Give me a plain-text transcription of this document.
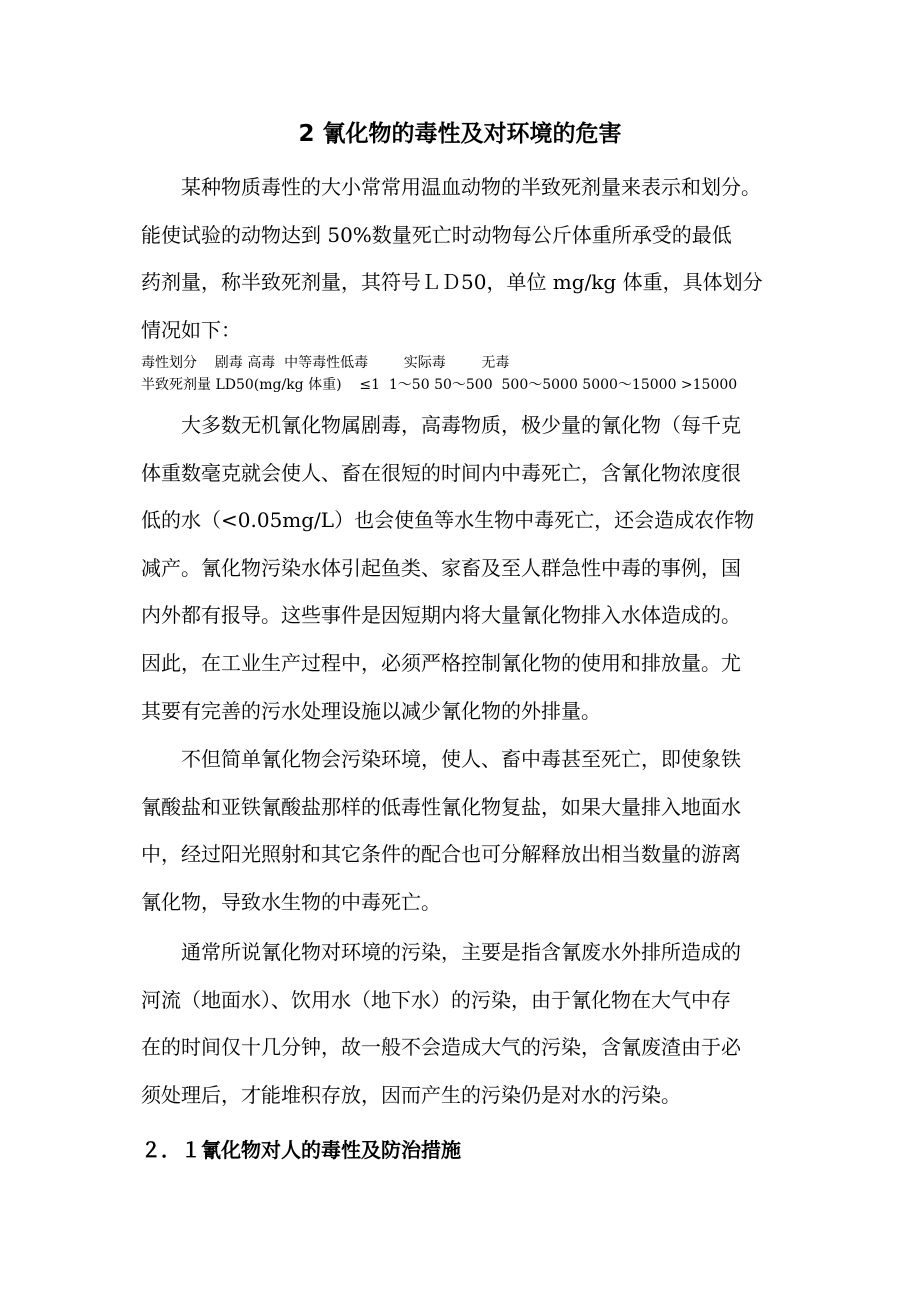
2 氰化物的毒性及对环境的危害

某种物质毒性的大小常常用温血动物的半致死剂量来表示和划分。
能使试验的动物达到 50%数量死亡时动物每公斤体重所承受的最低
药剂量，称半致死剂量，其符号ＬＤ50，单位 mg/kg 体重，具体划分
情况如下：

毒性划分    剧毒 高毒  中等毒性低毒        实际毒        无毒
半致死剂量 LD50(mg/kg 体重)    ≤1  1～50 50～500  500～5000 5000～15000 >15000

大多数无机氰化物属剧毒，高毒物质，极少量的氰化物（每千克
体重数毫克就会使人、畜在很短的时间内中毒死亡，含氰化物浓度很
低的水（<0.05mg/L）也会使鱼等水生物中毒死亡，还会造成农作物
减产。氰化物污染水体引起鱼类、家畜及至人群急性中毒的事例，国
内外都有报导。这些事件是因短期内将大量氰化物排入水体造成的。
因此，在工业生产过程中，必须严格控制氰化物的使用和排放量。尤
其要有完善的污水处理设施以减少氰化物的外排量。

不但简单氰化物会污染环境，使人、畜中毒甚至死亡，即使象铁
氰酸盐和亚铁氰酸盐那样的低毒性氰化物复盐，如果大量排入地面水
中，经过阳光照射和其它条件的配合也可分解释放出相当数量的游离
氰化物，导致水生物的中毒死亡。

通常所说氰化物对环境的污染，主要是指含氰废水外排所造成的
河流（地面水）、饮用水（地下水）的污染，由于氰化物在大气中存
在的时间仅十几分钟，故一般不会造成大气的污染，含氰废渣由于必
须处理后，才能堆积存放，因而产生的污染仍是对水的污染。

２．１氰化物对人的毒性及防治措施
